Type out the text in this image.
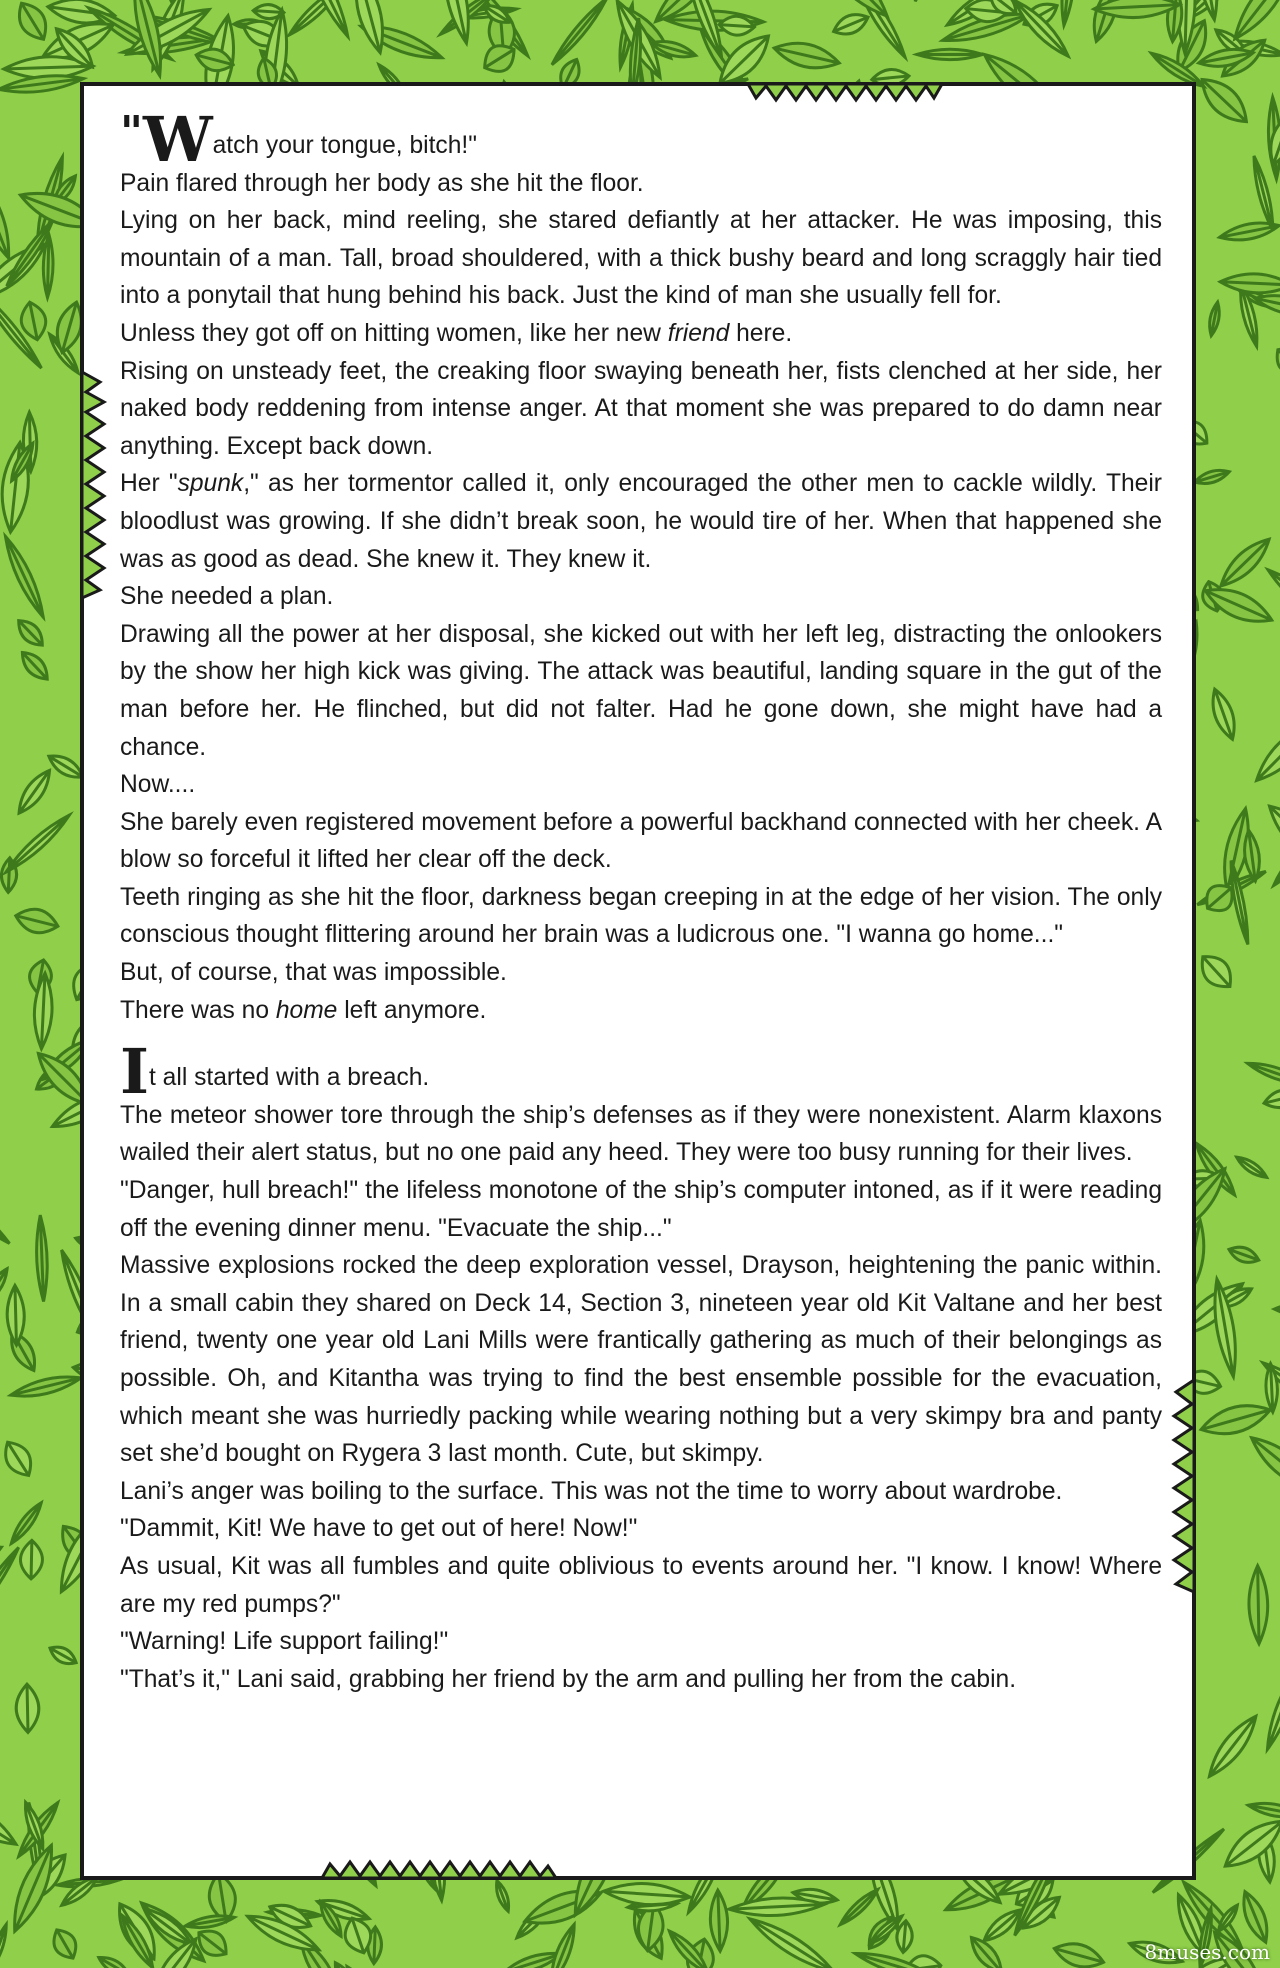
"Watch your tongue, bitch!"

Pain flared through her body as she hit the floor.

Lying on her back, mind reeling, she stared defiantly at her attacker. He was imposing, this mountain of a man. Tall, broad shouldered, with a thick bushy beard and long scraggly hair tied into a ponytail that hung behind his back. Just the kind of man she usually fell for.

Unless they got off on hitting women, like her new friend here.

Rising on unsteady feet, the creaking floor swaying beneath her, fists clenched at her side, her naked body reddening from intense anger. At that moment she was prepared to do damn near anything. Except back down.

Her "spunk," as her tormentor called it, only encouraged the other men to cackle wildly. Their bloodlust was growing. If she didn’t break soon, he would tire of her. When that happened she was as good as dead. She knew it. They knew it.

She needed a plan.

Drawing all the power at her disposal, she kicked out with her left leg, distracting the onlookers by the show her high kick was giving. The attack was beautiful, landing square in the gut of the man before her. He flinched, but did not falter. Had he gone down, she might have had a chance.

Now....

She barely even registered movement before a powerful backhand connected with her cheek. A blow so forceful it lifted her clear off the deck.

Teeth ringing as she hit the floor, darkness began creeping in at the edge of her vision. The only conscious thought flittering around her brain was a ludicrous one. "I wanna go home..."

But, of course, that was impossible.

There was no home left anymore.

It all started with a breach.

The meteor shower tore through the ship’s defenses as if they were nonexistent. Alarm klaxons wailed their alert status, but no one paid any heed. They were too busy running for their lives.

"Danger, hull breach!" the lifeless monotone of the ship’s computer intoned, as if it were reading off the evening dinner menu. "Evacuate the ship..."

Massive explosions rocked the deep exploration vessel, Drayson, heightening the panic within. In a small cabin they shared on Deck 14, Section 3, nineteen year old Kit Valtane and her best friend, twenty one year old Lani Mills were frantically gathering as much of their belongings as possible. Oh, and Kitantha was trying to find the best ensemble possible for the evacuation, which meant she was hurriedly packing while wearing nothing but a very skimpy bra and panty set she’d bought on Rygera 3 last month. Cute, but skimpy.

Lani’s anger was boiling to the surface. This was not the time to worry about wardrobe.

"Dammit, Kit! We have to get out of here! Now!"

As usual, Kit was all fumbles and quite oblivious to events around her. "I know. I know! Where are my red pumps?"

"Warning! Life support failing!"

"That’s it," Lani said, grabbing her friend by the arm and pulling her from the cabin.

8muses.com
